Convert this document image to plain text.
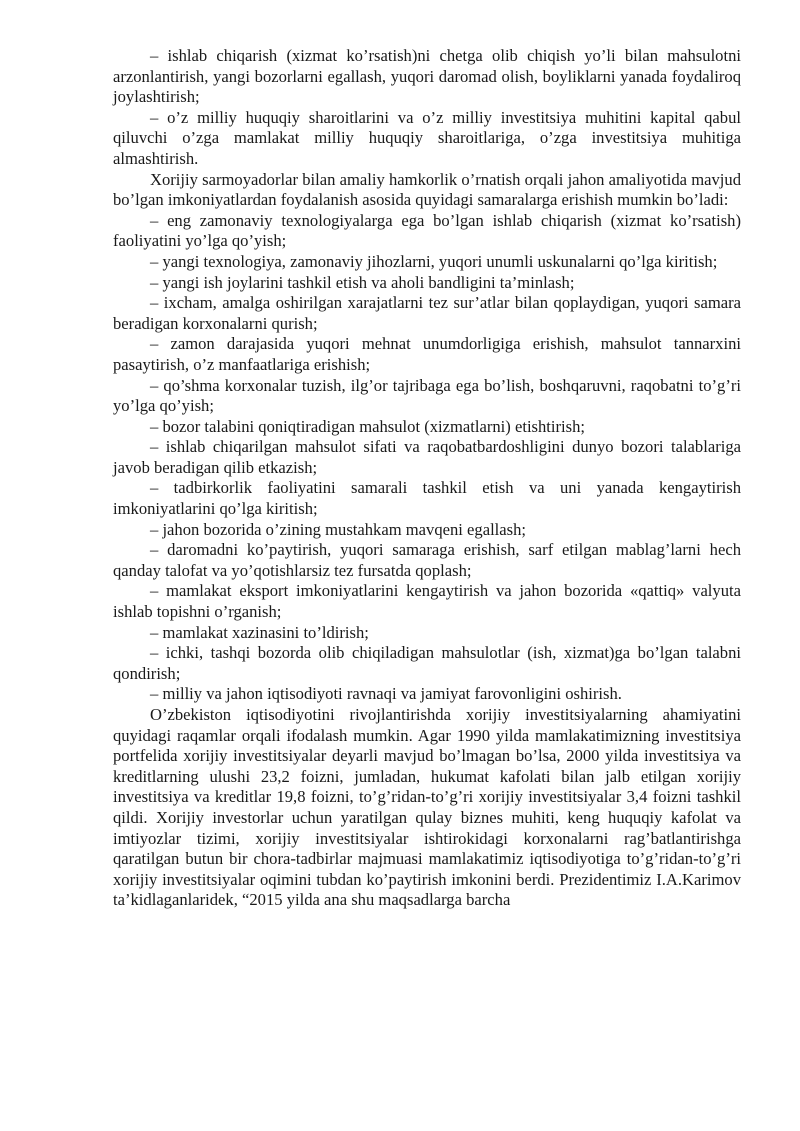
– ishlab chiqarish (xizmat ko’rsatish)ni chetga olib chiqish yo’li bilan mahsulotni arzonlantirish, yangi bozorlarni egallash, yuqori daromad olish, boyliklarni yanada foydaliroq joylashtirish;

– o’z milliy huquqiy sharoitlarini va o’z milliy investitsiya muhitini kapital qabul qiluvchi o’zga mamlakat milliy huquqiy sharoitlariga, o’zga investitsiya muhitiga almashtirish.

Xorijiy sarmoyadorlar bilan amaliy hamkorlik o’rnatish orqali jahon amaliyotida mavjud bo’lgan imkoniyatlardan foydalanish asosida quyidagi samaralarga erishish mumkin bo’ladi:

– eng zamonaviy texnologiyalarga ega bo’lgan ishlab chiqarish (xizmat ko’rsatish) faoliyatini yo’lga qo’yish;

– yangi texnologiya, zamonaviy jihozlarni, yuqori unumli uskunalarni qo’lga kiritish;

– yangi ish joylarini tashkil etish va aholi bandligini ta’minlash;

– ixcham, amalga oshirilgan xarajatlarni tez sur’atlar bilan qoplaydigan, yuqori samara beradigan korxonalarni qurish;

– zamon darajasida yuqori mehnat unumdorligiga erishish, mahsulot tannarxini pasaytirish, o’z manfaatlariga erishish;

– qo’shma korxonalar tuzish, ilg’or tajribaga ega bo’lish, boshqaruvni, raqobatni to’g’ri yo’lga qo’yish;

– bozor talabini qoniqtiradigan mahsulot (xizmatlarni) etishtirish;

– ishlab chiqarilgan mahsulot sifati va raqobatbardoshligini dunyo bozori talablariga javob beradigan qilib etkazish;

– tadbirkorlik faoliyatini samarali tashkil etish va uni yanada kengaytirish imkoniyatlarini qo’lga kiritish;

– jahon bozorida o’zining mustahkam mavqeni egallash;

– daromadni ko’paytirish, yuqori samaraga erishish, sarf etilgan mablag’larni hech qanday talofat va yo’qotishlarsiz tez fursatda qoplash;

– mamlakat eksport imkoniyatlarini kengaytirish va jahon bozorida «qattiq» valyuta ishlab topishni o’rganish;

– mamlakat xazinasini to’ldirish;

– ichki, tashqi bozorda olib chiqiladigan mahsulotlar (ish, xizmat)ga bo’lgan talabni qondirish;

– milliy va jahon iqtisodiyoti ravnaqi va jamiyat farovonligini oshirish.

O’zbekiston iqtisodiyotini rivojlantirishda xorijiy investitsiyalarning ahamiyatini quyidagi raqamlar orqali ifodalash mumkin. Agar 1990 yilda mamlakatimizning investitsiya portfelida xorijiy investitsiyalar deyarli mavjud bo’lmagan bo’lsa, 2000 yilda investitsiya va kreditlarning ulushi 23,2 foizni, jumladan, hukumat kafolati bilan jalb etilgan xorijiy investitsiya va kreditlar 19,8 foizni, to’g’ridan-to’g’ri xorijiy investitsiyalar 3,4 foizni tashkil qildi. Xorijiy investorlar uchun yaratilgan qulay biznes muhiti, keng huquqiy kafolat va imtiyozlar tizimi, xorijiy investitsiyalar ishtirokidagi korxonalarni rag’batlantirishga qaratilgan butun bir chora-tadbirlar majmuasi mamlakatimiz iqtisodiyotiga to’g’ridan-to’g’ri xorijiy investitsiyalar oqimini tubdan ko’paytirish imkonini berdi. Prezidentimiz I.A.Karimov ta’kidlaganlaridek, “2015 yilda ana shu maqsadlarga barcha
